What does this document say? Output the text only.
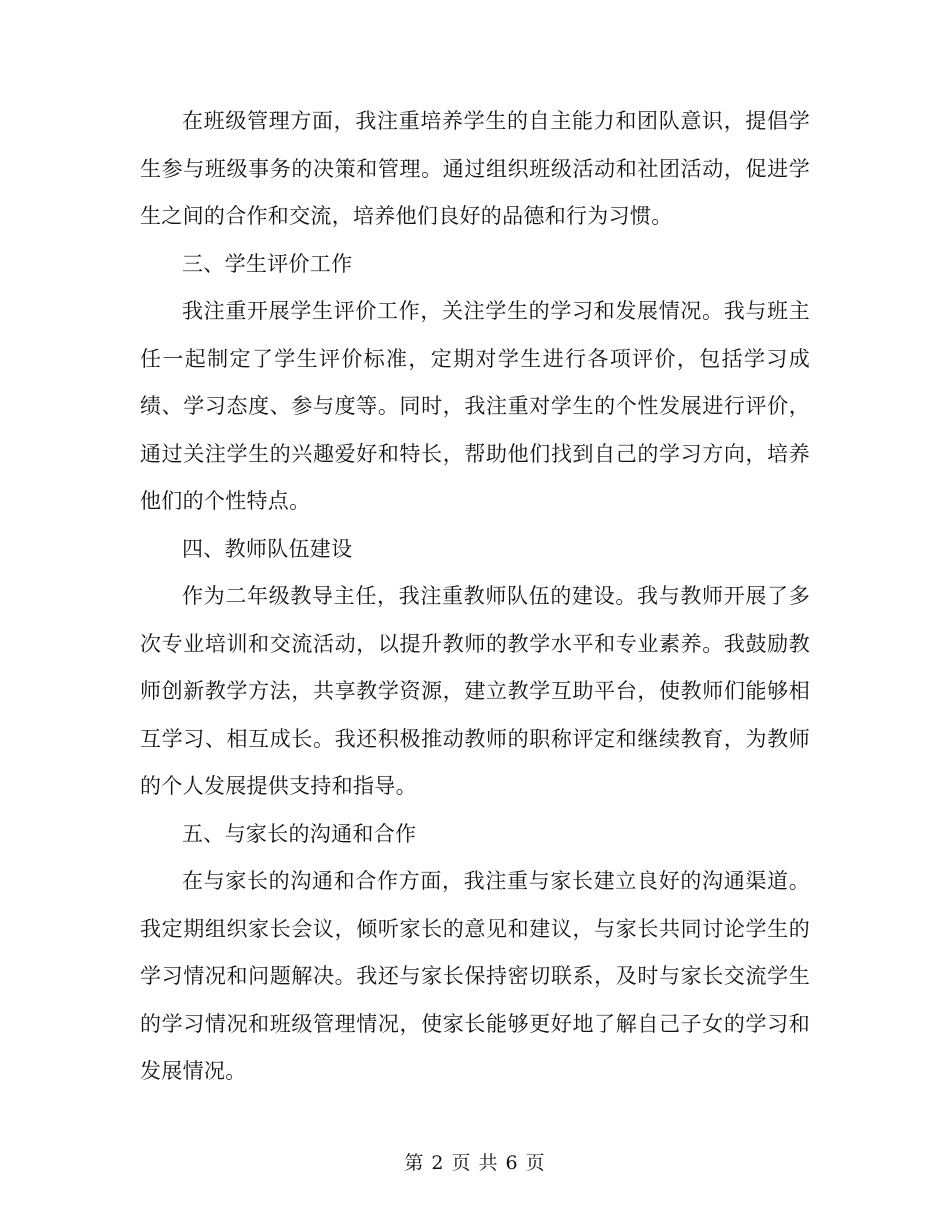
在班级管理方面，我注重培养学生的自主能力和团队意识，提倡学生参与班级事务的决策和管理。通过组织班级活动和社团活动，促进学生之间的合作和交流，培养他们良好的品德和行为习惯。

三、学生评价工作

我注重开展学生评价工作，关注学生的学习和发展情况。我与班主任一起制定了学生评价标准，定期对学生进行各项评价，包括学习成绩、学习态度、参与度等。同时，我注重对学生的个性发展进行评价，通过关注学生的兴趣爱好和特长，帮助他们找到自己的学习方向，培养他们的个性特点。

四、教师队伍建设

作为二年级教导主任，我注重教师队伍的建设。我与教师开展了多次专业培训和交流活动，以提升教师的教学水平和专业素养。我鼓励教师创新教学方法，共享教学资源，建立教学互助平台，使教师们能够相互学习、相互成长。我还积极推动教师的职称评定和继续教育，为教师的个人发展提供支持和指导。

五、与家长的沟通和合作

在与家长的沟通和合作方面，我注重与家长建立良好的沟通渠道。我定期组织家长会议，倾听家长的意见和建议，与家长共同讨论学生的学习情况和问题解决。我还与家长保持密切联系，及时与家长交流学生的学习情况和班级管理情况，使家长能够更好地了解自己子女的学习和发展情况。

第 2 页 共 6 页
